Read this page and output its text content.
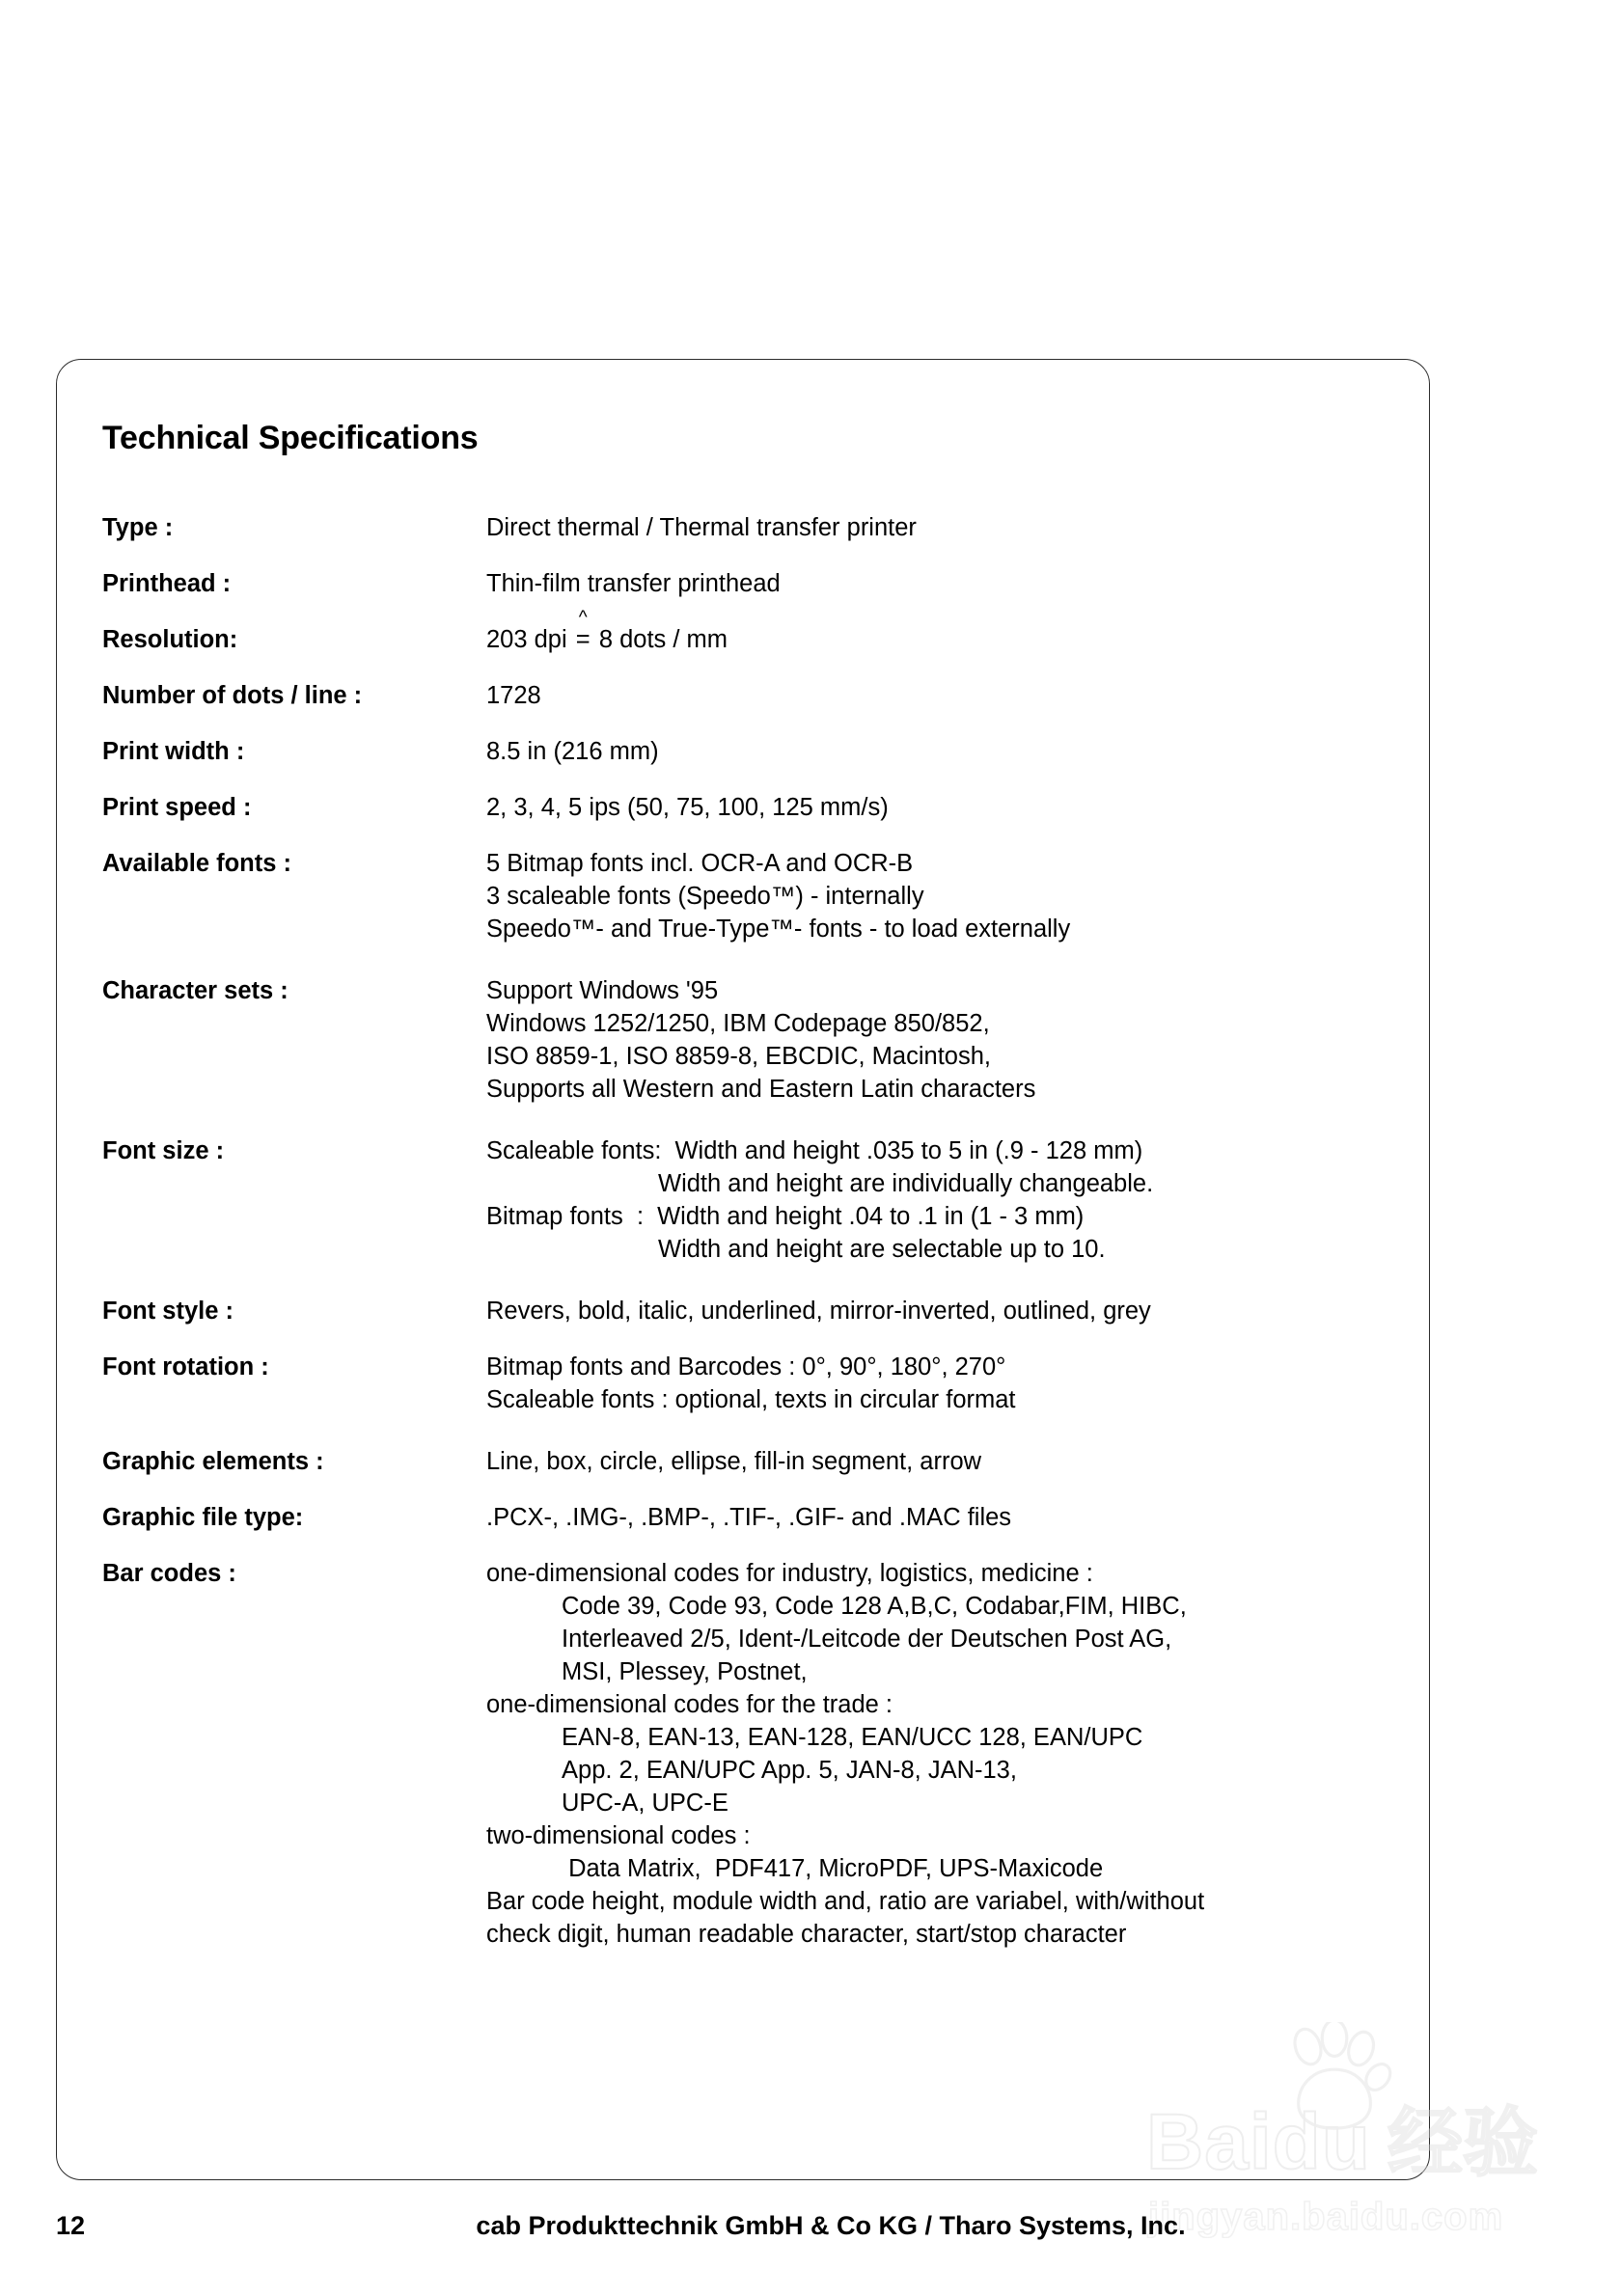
Technical Specifications
Type :	Direct thermal / Thermal transfer printer
Printhead :	Thin-film transfer printhead
Resolution:	203 dpi
^
= 8 dots / mm
Number of dots / line :	1728
Print width :	8.5 in (216 mm)
Print speed :	2, 3, 4, 5 ips (50, 75, 100, 125 mm/s)
Available fonts :	5 Bitmap fonts incl. OCR-A and OCR-B
3 scaleable fonts (Speedo™) - internally
Speedo™- and True-Type™- fonts - to load externally
Character sets :	Support Windows '95
Windows 1252/1250, IBM Codepage 850/852,
ISO 8859-1, ISO 8859-8, EBCDIC, Macintosh,
Supports all Western and Eastern Latin characters
Font size :	Scaleable fonts : Width and height .035 to 5 in (.9 - 128 mm)
Width and height are individually changeable.
Bitmap fonts : Width and height .04 to .1 in (1 - 3 mm)
Width and height are selectable up to 10.
Font style :	Revers, bold, italic, underlined, mirror-inverted, outlined, grey
Font rotation :	Bitmap fonts and Barcodes : 0°, 90°, 180°, 270°
Scaleable fonts : optional, texts in circular format
Graphic elements :	Line, box, circle, ellipse, fill-in segment, arrow
Graphic file type:	.PCX-, .IMG-, .BMP-, .TIF-, .GIF- and .MAC files
Bar codes :	one-dimensional codes for industry, logistics, medicine :
Code 39, Code 93, Code 128 A,B,C, Codabar,FIM, HIBC,
Interleaved 2/5, Ident-/Leitcode der Deutschen Post AG,
MSI, Plessey, Postnet,
one-dimensional codes for the trade :
EAN-8, EAN-13, EAN-128, EAN/UCC 128, EAN/UPC
App. 2, EAN/UPC App. 5, JAN-8, JAN-13,
UPC-A, UPC-E
two-dimensional codes :
Data Matrix,  PDF417, MicroPDF, UPS-Maxicode
Bar code height, module width and, ratio are variabel, with/without
check digit, human readable character, start/stop character
Baidu 经验
jingyan.baidu.com
12	cab Produkttechnik GmbH & Co KG / Tharo Systems, Inc.
